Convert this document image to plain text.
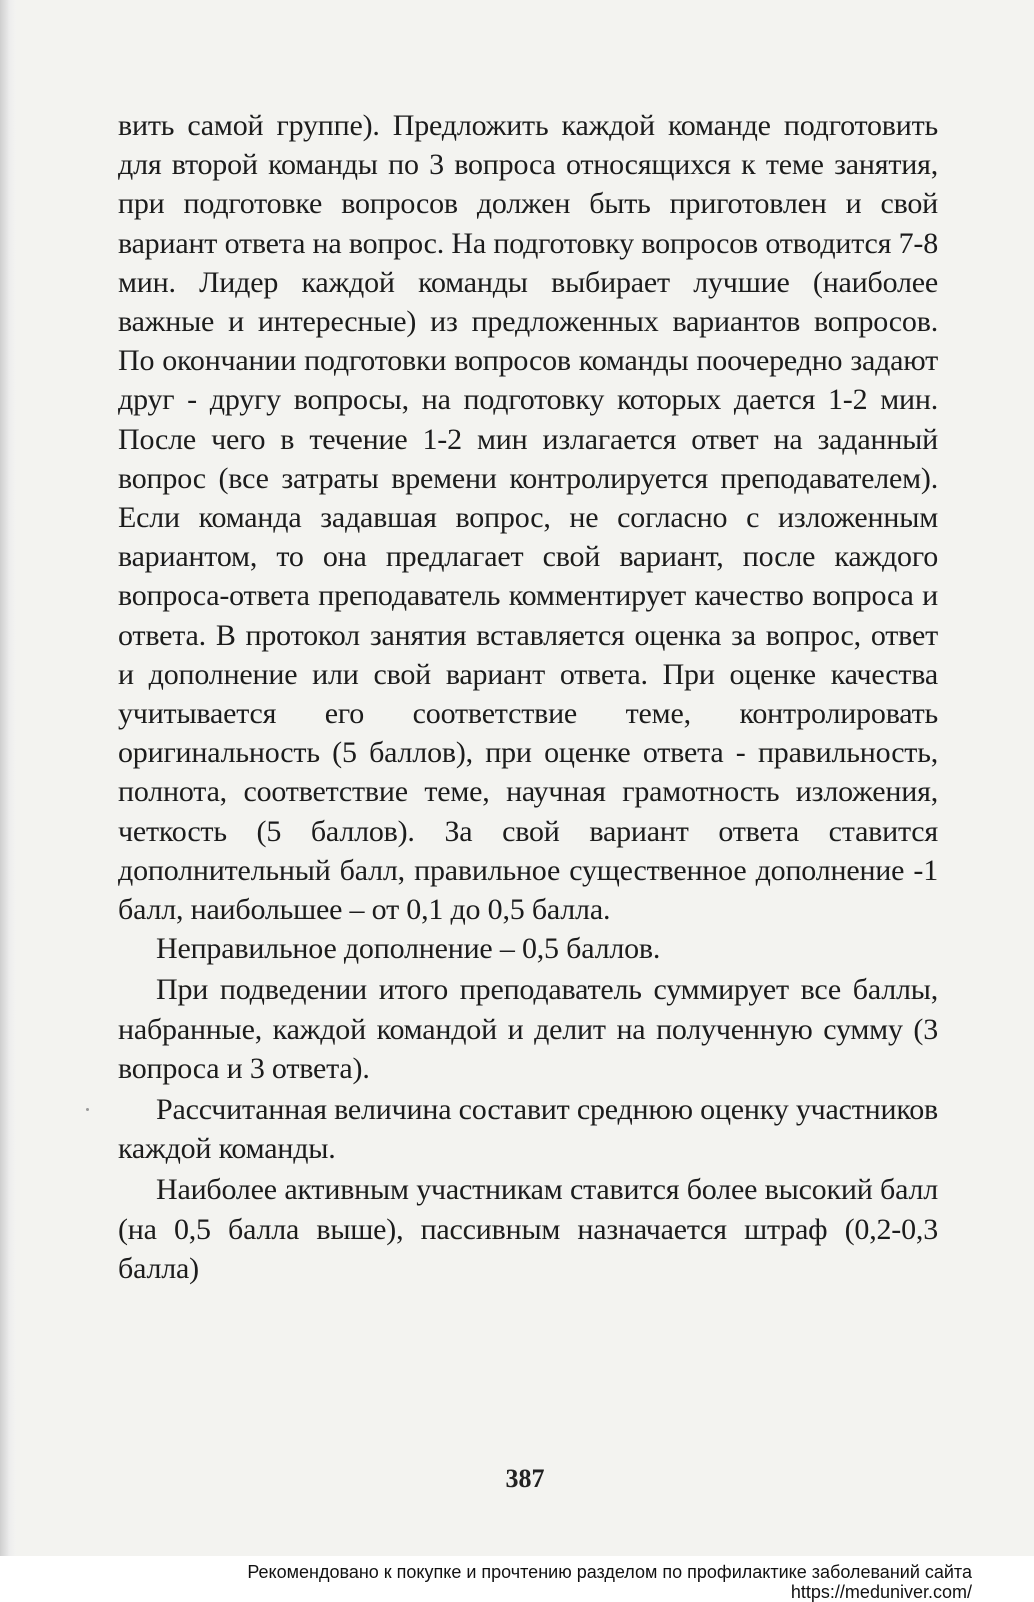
вить самой группе). Предложить каждой команде подготовить для второй команды по 3 вопроса относящихся к теме занятия, при подготовке вопросов должен быть приготовлен и свой вариант ответа на вопрос. На подготовку вопросов отводится 7-8 мин. Лидер каждой команды выбирает лучшие (наиболее важные и интересные) из предложенных вариантов вопросов. По окончании подготовки вопросов команды поочередно задают друг - другу вопросы, на подготовку которых дается 1-2 мин. После чего в течение 1-2 мин излагается ответ на заданный вопрос (все затраты времени контролируется преподавателем). Если команда задавшая вопрос, не согласно с изложенным вариантом, то она предлагает свой вариант, после каждого вопроса-ответа преподаватель комментирует качество вопроса и ответа. В протокол занятия вставляется оценка за вопрос, ответ и дополнение или свой вариант ответа. При оценке качества учитывается его соответствие теме, контролировать оригинальность (5 баллов), при оценке ответа - правильность, полнота, соответствие теме, научная грамотность изложения, четкость (5 баллов). За свой вариант ответа ставится дополнительный балл, правильное существенное дополнение -1 балл, наибольшее – от 0,1 до 0,5 балла.

Неправильное дополнение – 0,5 баллов.

При подведении итого преподаватель суммирует все баллы, набранные, каждой командой и делит на полученную сумму (3 вопроса и 3 ответа).

Рассчитанная величина составит среднюю оценку участников каждой команды.

Наиболее активным участникам ставится более высокий балл (на 0,5 балла выше), пассивным назначается штраф (0,2-0,3 балла)

387
Рекомендовано к покупке и прочтению разделом по профилактике заболеваний сайта https://meduniver.com/
